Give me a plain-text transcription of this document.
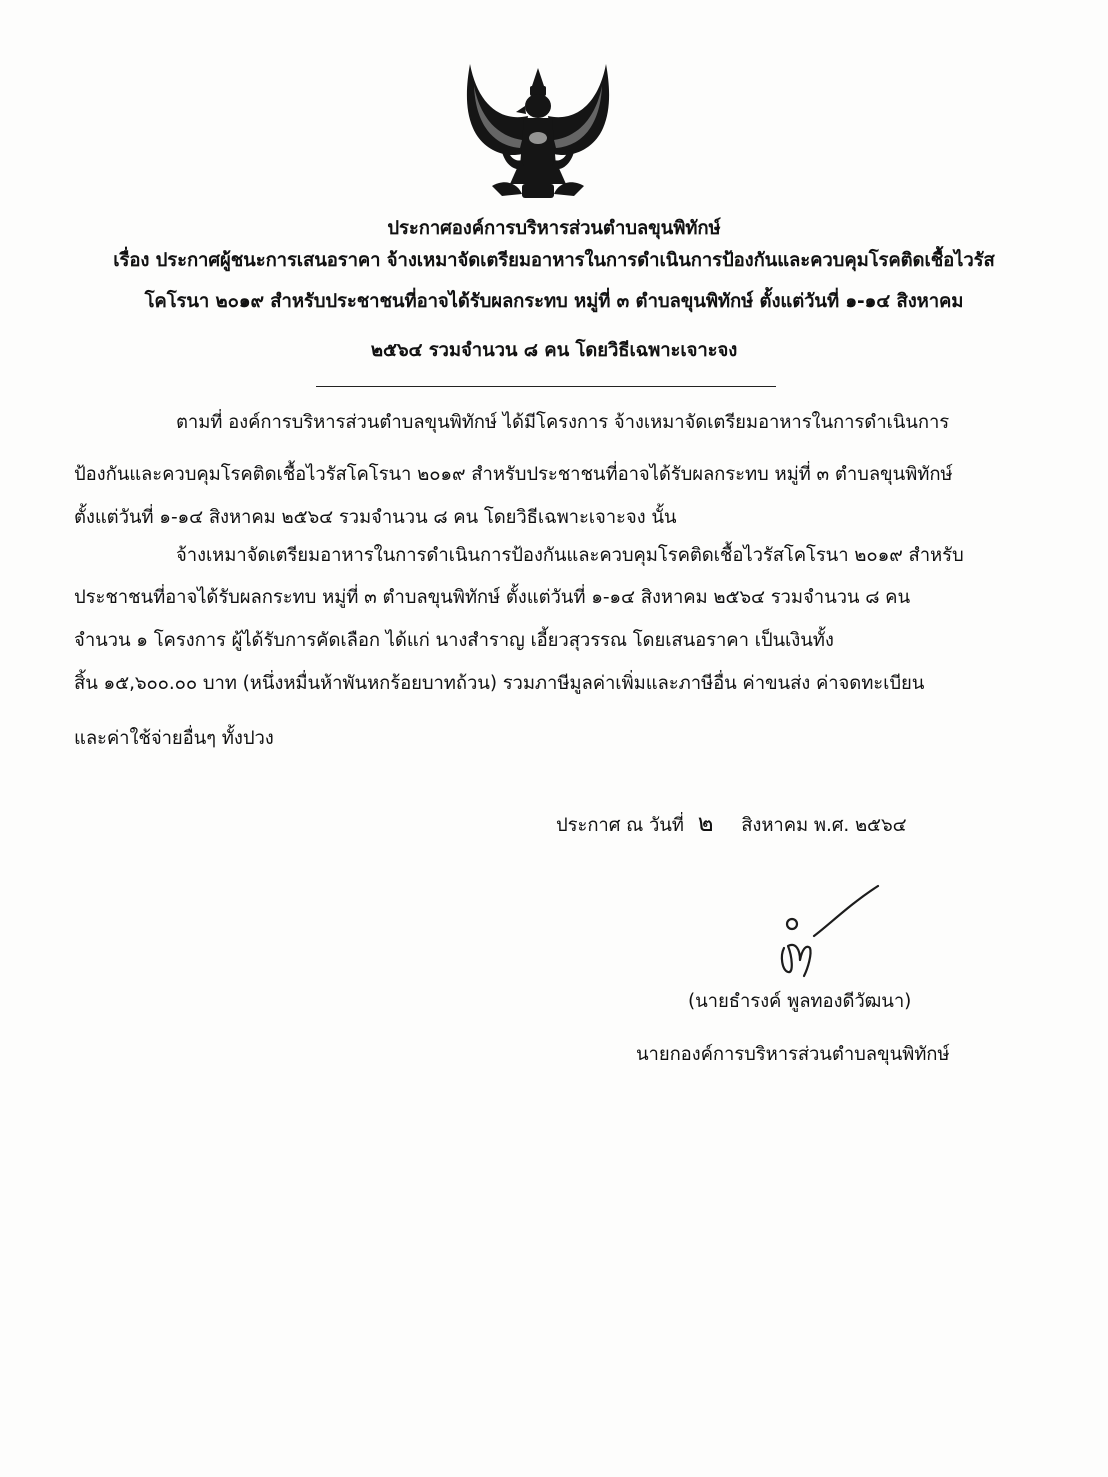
ประกาศองค์การบริหารส่วนตำบลขุนพิทักษ์
เรื่อง ประกาศผู้ชนะการเสนอราคา จ้างเหมาจัดเตรียมอาหารในการดำเนินการป้องกันและควบคุมโรคติดเชื้อไวรัส
โคโรนา ๒๐๑๙ สำหรับประชาชนที่อาจได้รับผลกระทบ หมู่ที่ ๓ ตำบลขุนพิทักษ์ ตั้งแต่วันที่ ๑-๑๔ สิงหาคม
๒๕๖๔ รวมจำนวน ๘ คน โดยวิธีเฉพาะเจาะจง
ตามที่ องค์การบริหารส่วนตำบลขุนพิทักษ์ ได้มีโครงการ จ้างเหมาจัดเตรียมอาหารในการดำเนินการ
ป้องกันและควบคุมโรคติดเชื้อไวรัสโคโรนา ๒๐๑๙ สำหรับประชาชนที่อาจได้รับผลกระทบ หมู่ที่ ๓ ตำบลขุนพิทักษ์
ตั้งแต่วันที่ ๑-๑๔ สิงหาคม ๒๕๖๔ รวมจำนวน ๘ คน โดยวิธีเฉพาะเจาะจง นั้น
จ้างเหมาจัดเตรียมอาหารในการดำเนินการป้องกันและควบคุมโรคติดเชื้อไวรัสโคโรนา ๒๐๑๙ สำหรับ
ประชาชนที่อาจได้รับผลกระทบ หมู่ที่ ๓ ตำบลขุนพิทักษ์ ตั้งแต่วันที่ ๑-๑๔ สิงหาคม ๒๕๖๔ รวมจำนวน ๘ คน
จำนวน ๑ โครงการ ผู้ได้รับการคัดเลือก ได้แก่ นางสำราญ เอี้ยวสุวรรณ โดยเสนอราคา เป็นเงินทั้ง
สิ้น ๑๕,๖๐๐.๐๐ บาท (หนึ่งหมื่นห้าพันหกร้อยบาทถ้วน) รวมภาษีมูลค่าเพิ่มและภาษีอื่น ค่าขนส่ง ค่าจดทะเบียน
และค่าใช้จ่ายอื่นๆ ทั้งปวง
ประกาศ ณ วันที่ ๒ สิงหาคม พ.ศ. ๒๕๖๔
(นายธำรงค์ พูลทองดีวัฒนา)
นายกองค์การบริหารส่วนตำบลขุนพิทักษ์
